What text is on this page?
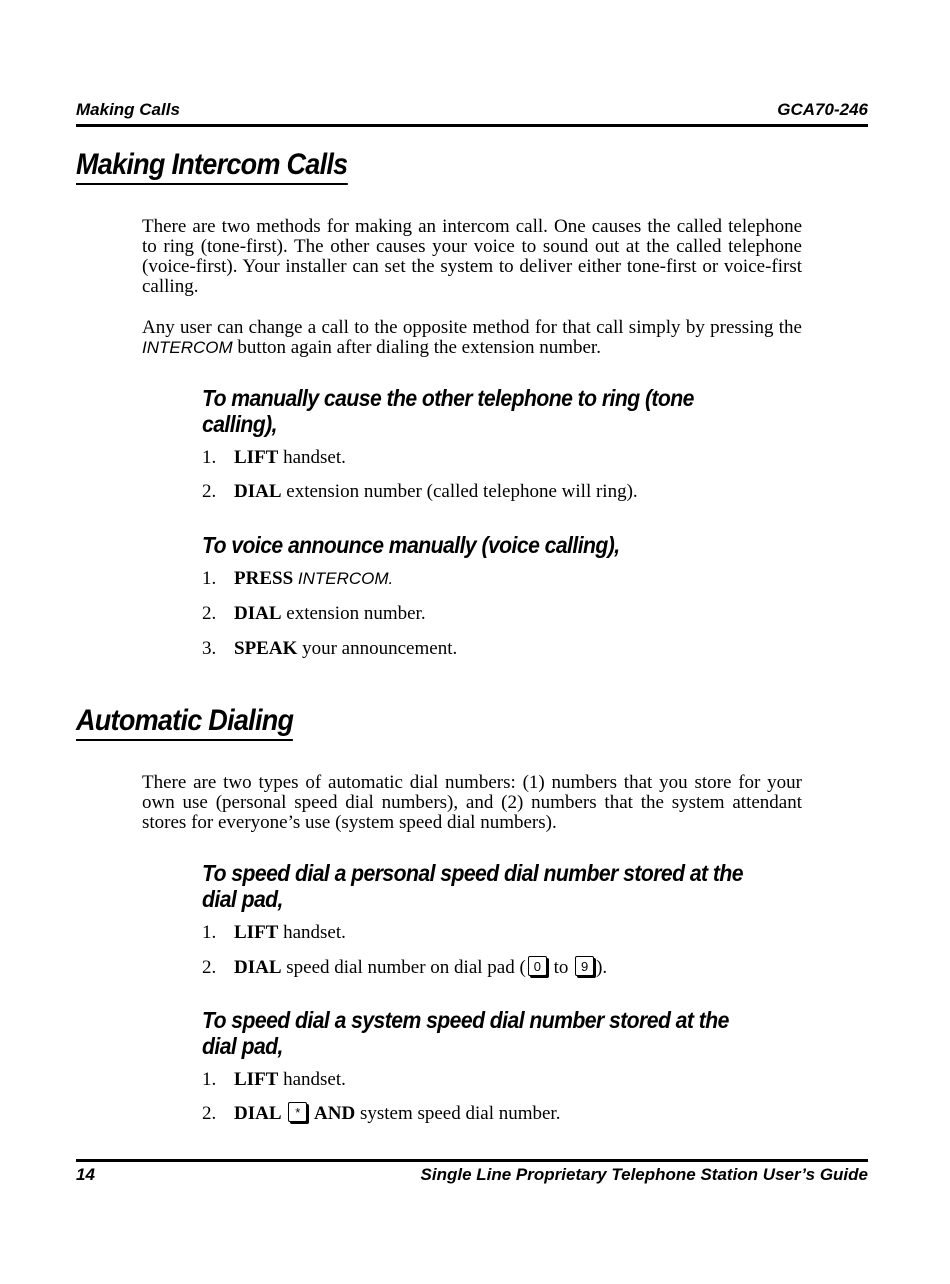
Making Calls	GCA70-246
Making Intercom Calls
There are two methods for making an intercom call. One causes the called telephone to ring (tone-first). The other causes your voice to sound out at the called telephone (voice-first). Your installer can set the system to deliver either tone-first or voice-first calling.
Any user can change a call to the opposite method for that call simply by pressing the INTERCOM button again after dialing the extension number.
To manually cause the other telephone to ring (tone calling),
1. LIFT handset.
2. DIAL extension number (called telephone will ring).
To voice announce manually (voice calling),
1. PRESS INTERCOM.
2. DIAL extension number.
3. SPEAK your announcement.
Automatic Dialing
There are two types of automatic dial numbers: (1) numbers that you store for your own use (personal speed dial numbers), and (2) numbers that the system attendant stores for everyone’s use (system speed dial numbers).
To speed dial a personal speed dial number stored at the dial pad,
1. LIFT handset.
2. DIAL speed dial number on dial pad ( 0 to 9 ).
To speed dial a system speed dial number stored at the dial pad,
1. LIFT handset.
2. DIAL * AND system speed dial number.
14	Single Line Proprietary Telephone Station User’s Guide
